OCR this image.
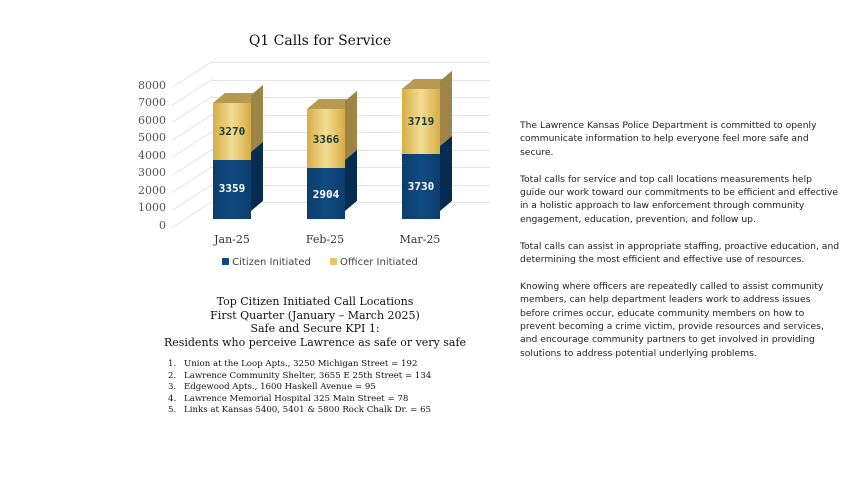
Q1 Calls for Service
8000
7000
6000
5000
4000
3000
2000
1000
0
3270
3359
3366
2904
3719
3730
Jan-25	Feb-25	Mar-25
Citizen Initiated	Officer Initiated
Top Citizen Initiated Call Locations
First Quarter (January – March 2025)
Safe and Secure KPI 1:
Residents who perceive Lawrence as safe or very safe
1. Union at the Loop Apts., 3250 Michigan Street = 192
2. Lawrence Community Shelter, 3655 E 25th Street = 134
3. Edgewood Apts., 1600 Haskell Avenue = 95
4. Lawrence Memorial Hospital 325 Main Street = 78
5. Links at Kansas 5400, 5401 & 5800 Rock Chalk Dr. = 65

The Lawrence Kansas Police Department is committed to openly communicate information to help everyone feel more safe and secure.

Total calls for service and top call locations measurements help guide our work toward our commitments to be efficient and effective in a holistic approach to law enforcement through community engagement, education, prevention, and follow up.

Total calls can assist in appropriate staffing, proactive education, and determining the most efficient and effective use of resources.

Knowing where officers are repeatedly called to assist community members, can help department leaders work to address issues before crimes occur, educate community members on how to prevent becoming a crime victim, provide resources and services, and encourage community partners to get involved in providing solutions to address potential underlying problems.
